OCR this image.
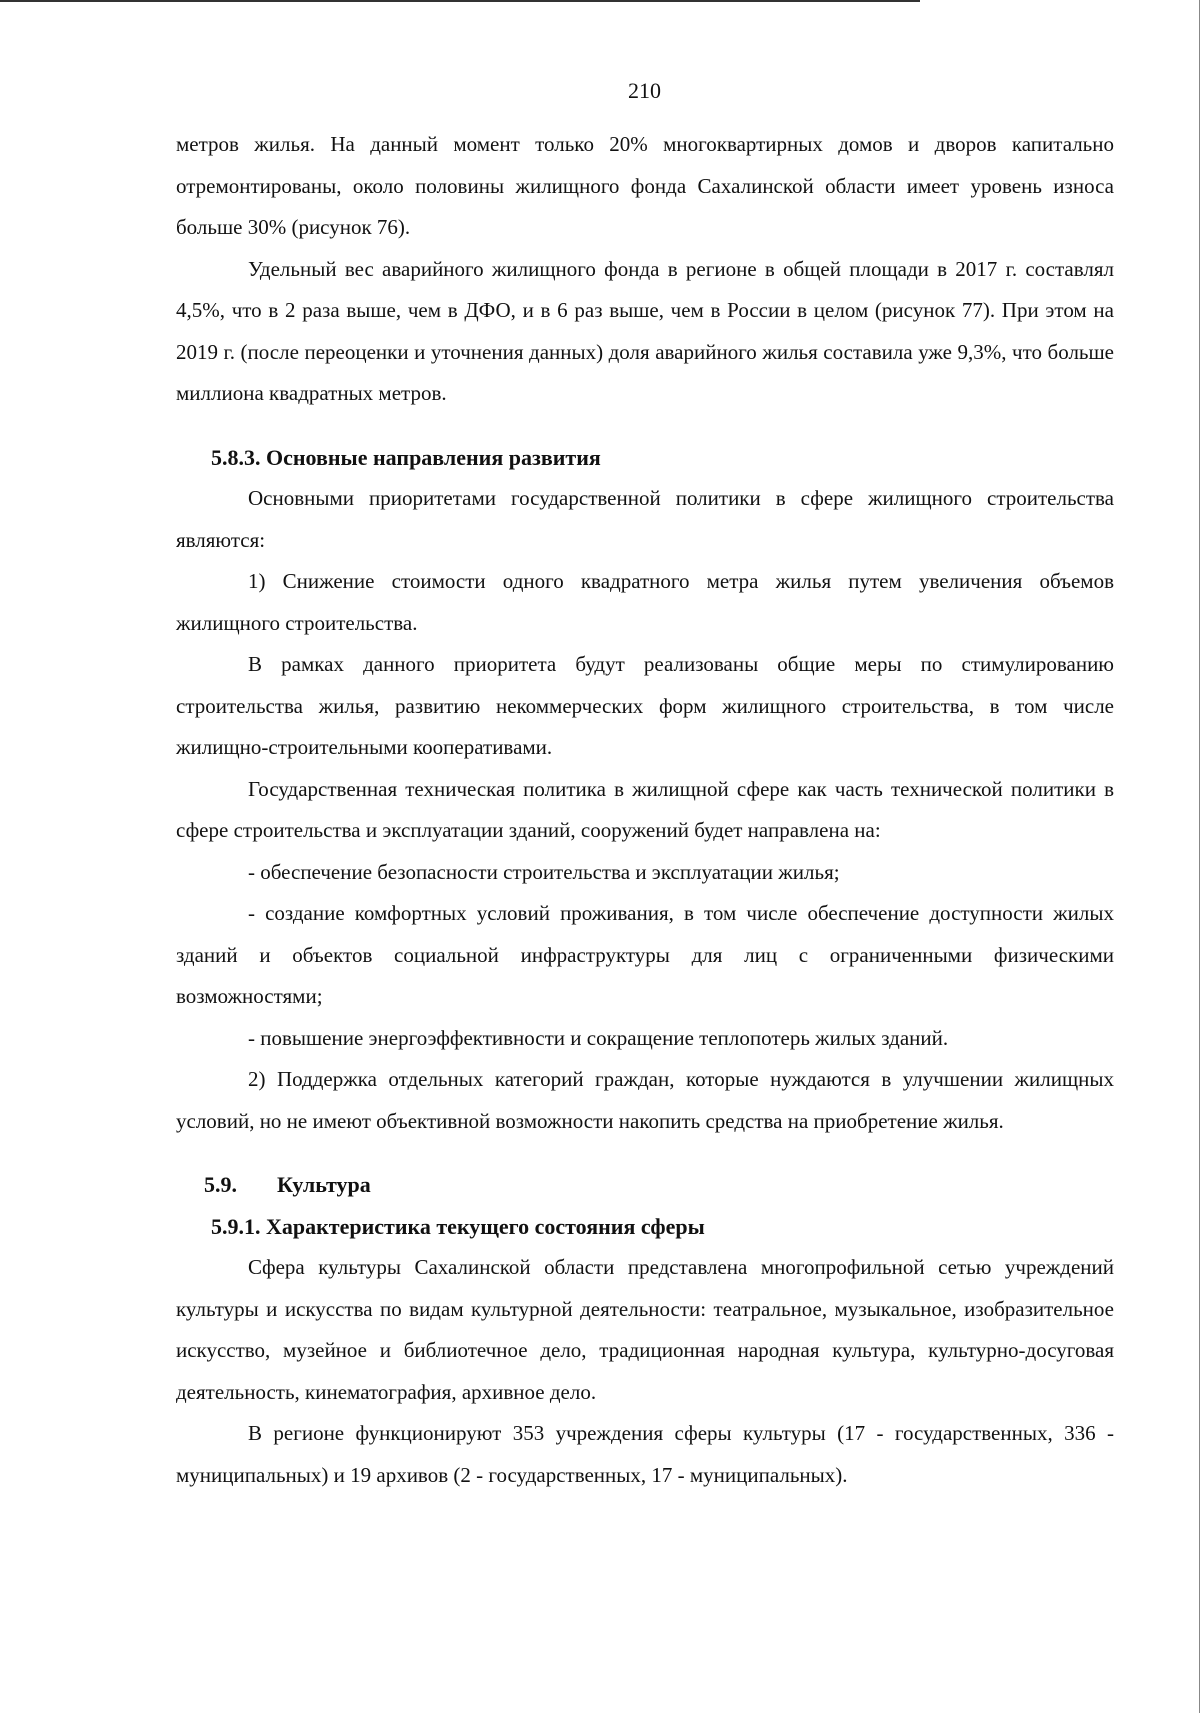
210

метров жилья. На данный момент только 20% многоквартирных домов и дворов капитально отремонтированы, около половины жилищного фонда Сахалинской области имеет уровень износа больше 30% (рисунок 76).

Удельный вес аварийного жилищного фонда в регионе в общей площади в 2017 г. составлял 4,5%, что в 2 раза выше, чем в ДФО, и в 6 раз выше, чем в России в целом (рисунок 77). При этом на 2019 г. (после переоценки и уточнения данных) доля аварийного жилья составила уже 9,3%, что больше миллиона квадратных метров.

5.8.3. Основные направления развития

Основными приоритетами государственной политики в сфере жилищного строительства являются:

1) Снижение стоимости одного квадратного метра жилья путем увеличения объемов жилищного строительства.

В рамках данного приоритета будут реализованы общие меры по стимулированию строительства жилья, развитию некоммерческих форм жилищного строительства, в том числе жилищно-строительными кооперативами.

Государственная техническая политика в жилищной сфере как часть технической политики в сфере строительства и эксплуатации зданий, сооружений будет направлена на:

- обеспечение безопасности строительства и эксплуатации жилья;

- создание комфортных условий проживания, в том числе обеспечение доступности жилых зданий и объектов социальной инфраструктуры для лиц с ограниченными физическими возможностями;

- повышение энергоэффективности и сокращение теплопотерь жилых зданий.

2) Поддержка отдельных категорий граждан, которые нуждаются в улучшении жилищных условий, но не имеют объективной возможности накопить средства на приобретение жилья.

5.9. Культура
5.9.1. Характеристика текущего состояния сферы

Сфера культуры Сахалинской области представлена многопрофильной сетью учреждений культуры и искусства по видам культурной деятельности: театральное, музыкальное, изобразительное искусство, музейное и библиотечное дело, традиционная народная культура, культурно-досуговая деятельность, кинематография, архивное дело.

В регионе функционируют 353 учреждения сферы культуры (17 - государственных, 336 - муниципальных) и 19 архивов (2 - государственных, 17 - муниципальных).
